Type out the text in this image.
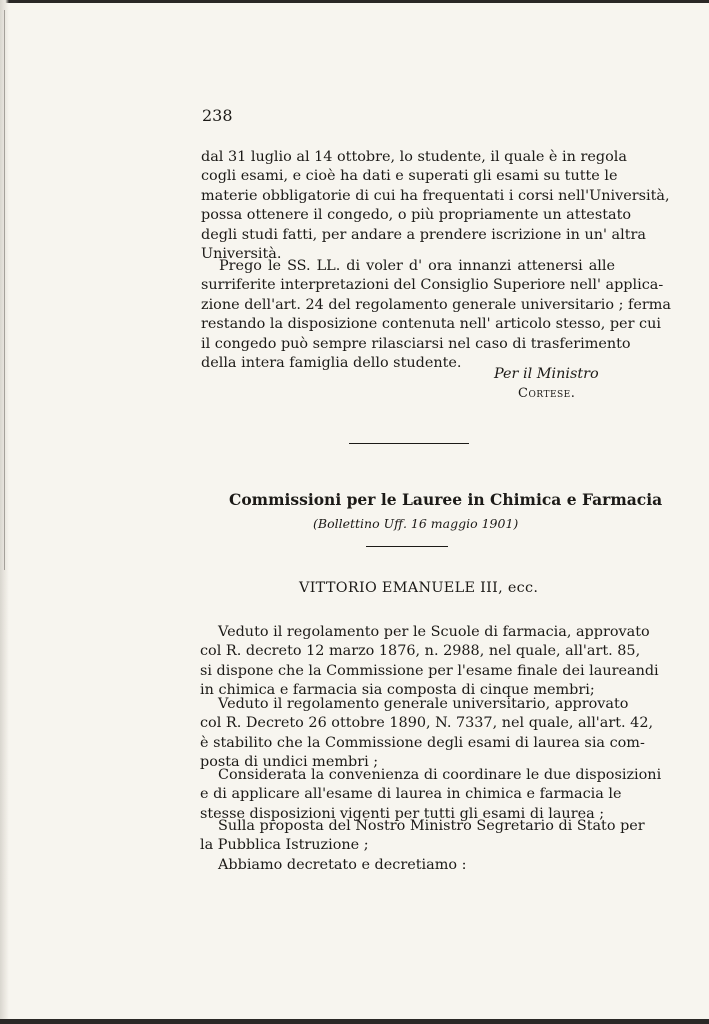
238
dal 31 luglio al 14 ottobre, lo studente, il quale è in regola
cogli esami, e cioè ha dati e superati gli esami su tutte le
materie obbligatorie di cui ha frequentati i corsi nell'Università,
possa ottenere il congedo, o più propriamente un attestato
degli studi fatti, per andare a prendere iscrizione in un' altra
Università.
Prego le SS. LL. di voler d' ora innanzi attenersi alle
surriferite interpretazioni del Consiglio Superiore nell' applica-
zione dell'art. 24 del regolamento generale universitario ; ferma
restando la disposizione contenuta nell' articolo stesso, per cui
il congedo può sempre rilasciarsi nel caso di trasferimento
della intera famiglia dello studente.
Per il Ministro
Cortese.
Commissioni per le Lauree in Chimica e Farmacia
(Bollettino Uff. 16 maggio 1901)
VITTORIO EMANUELE III, ecc.
Veduto il regolamento per le Scuole di farmacia, approvato
col R. decreto 12 marzo 1876, n. 2988, nel quale, all'art. 85,
si dispone che la Commissione per l'esame finale dei laureandi
in chimica e farmacia sia composta di cinque membri;
Veduto il regolamento generale universitario, approvato
col R. Decreto 26 ottobre 1890, N. 7337, nel quale, all'art. 42,
è stabilito che la Commissione degli esami di laurea sia com-
posta di undici membri ;
Considerata la convenienza di coordinare le due disposizioni
e di applicare all'esame di laurea in chimica e farmacia le
stesse disposizioni vigenti per tutti gli esami di laurea ;
Sulla proposta del Nostro Ministro Segretario di Stato per
la Pubblica Istruzione ;
Abbiamo decretato e decretiamo :
